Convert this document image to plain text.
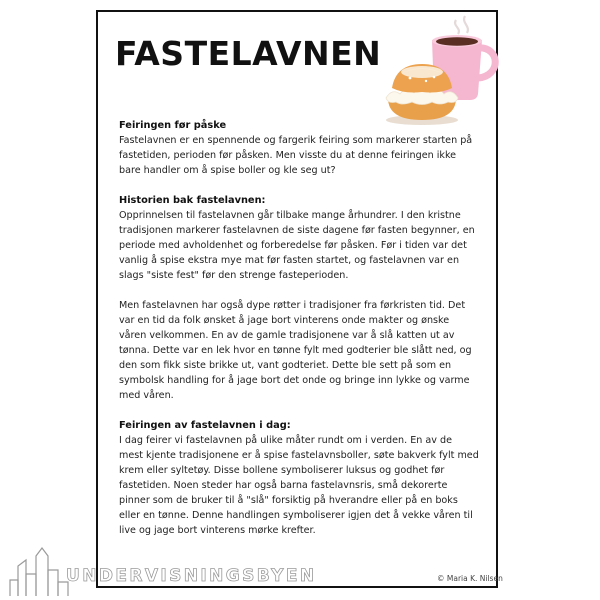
FASTELAVNEN
Feiringen før påske

Fastelavnen er en spennende og fargerik feiring som markerer starten på fastetiden, perioden før påsken. Men visste du at denne feiringen ikke bare handler om å spise boller og kle seg ut?

Historien bak fastelavnen:

Opprinnelsen til fastelavnen går tilbake mange århundrer. I den kristne tradisjonen markerer fastelavnen de siste dagene før fasten begynner, en periode med avholdenhet og forberedelse før påsken. Før i tiden var det vanlig å spise ekstra mye mat før fasten startet, og fastelavnen var en slags "siste fest" før den strenge fasteperioden.

Men fastelavnen har også dype røtter i tradisjoner fra førkristen tid. Det var en tid da folk ønsket å jage bort vinterens onde makter og ønske våren velkommen. En av de gamle tradisjonene var å slå katten ut av tønna. Dette var en lek hvor en tønne fylt med godterier ble slått ned, og den som fikk siste brikke ut, vant godteriet. Dette ble sett på som en symbolsk handling for å jage bort det onde og bringe inn lykke og varme med våren.

Feiringen av fastelavnen i dag:

I dag feirer vi fastelavnen på ulike måter rundt om i verden. En av de mest kjente tradisjonene er å spise fastelavnsboller, søte bakverk fylt med krem eller syltetøy. Disse bollene symboliserer luksus og godhet før fastetiden. Noen steder har også barna fastelavnsris, små dekorerte pinner som de bruker til å "slå" forsiktig på hverandre eller på en boks eller en tønne. Denne handlingen symboliserer igjen det å vekke våren til live og jage bort vinterens mørke krefter.

UNDERVISNINGSBYEN	© Maria K. Nilsen
